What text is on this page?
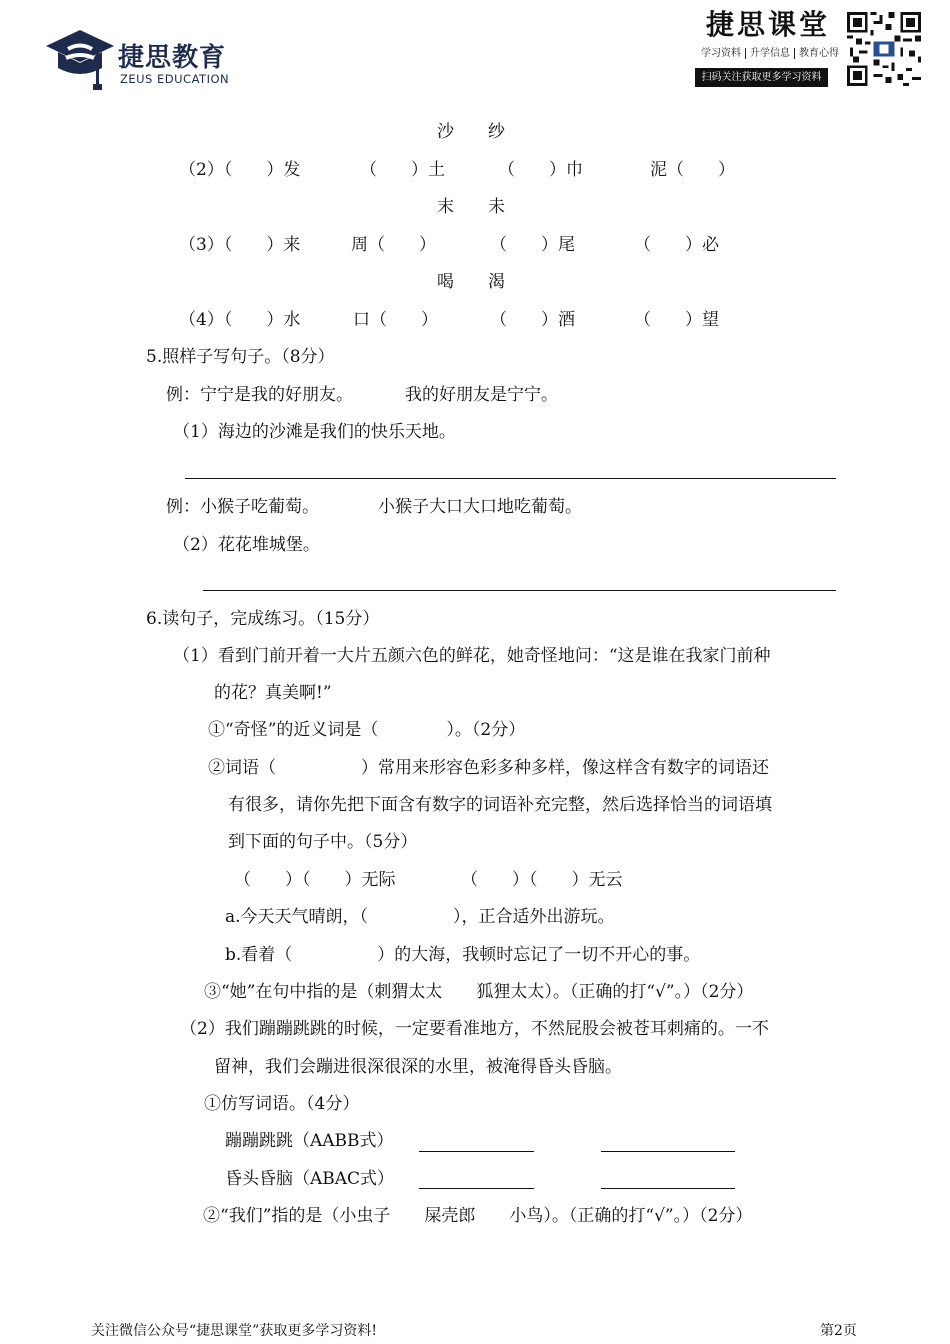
捷思教育
ZEUS EDUCATION
捷思课堂
学习资料 升学信息 教育心得
扫码关注获取更多学习资料
沙　　纱
（2）（　　）发	（　　）土	（　　）巾	泥（　　）
末　　未
（3）（　　）来	周（　　）	（　　）尾	（　　）必
喝　　渴
（4）（　　）水	口（　　）	（　　）酒	（　　）望
5.照样子写句子。（8分）
例：宁宁是我的好朋友。	我的好朋友是宁宁。
（1）海边的沙滩是我们的快乐天地。
例：小猴子吃葡萄。	小猴子大口大口地吃葡萄。
（2）花花堆城堡。
6.读句子，完成练习。（15分）
（1）看到门前开着一大片五颜六色的鲜花，她奇怪地问：“这是谁在我家门前种
的花？真美啊!”
①“奇怪”的近义词是（　　　　）。（2分）
②词语（　　　　　）常用来形容色彩多种多样，像这样含有数字的词语还
有很多，请你先把下面含有数字的词语补充完整，然后选择恰当的词语填
到下面的句子中。（5分）
（　　）（　　）无际	（　　）（　　）无云
a.今天天气晴朗，（　　　　　），正合适外出游玩。
b.看着（　　　　　）的大海，我顿时忘记了一切不开心的事。
③“她”在句中指的是（刺猬太太　　狐狸太太）。（正确的打“√”。）（2分）
（2）我们蹦蹦跳跳的时候，一定要看准地方，不然屁股会被苍耳刺痛的。一不
留神，我们会蹦进很深很深的水里，被淹得昏头昏脑。
①仿写词语。（4分）
蹦蹦跳跳（AABB式）
昏头昏脑（ABAC式）
②“我们”指的是（小虫子　　屎壳郎　　小鸟）。（正确的打“√”。）（2分）
关注微信公众号“捷思课堂”获取更多学习资料!	第2页
